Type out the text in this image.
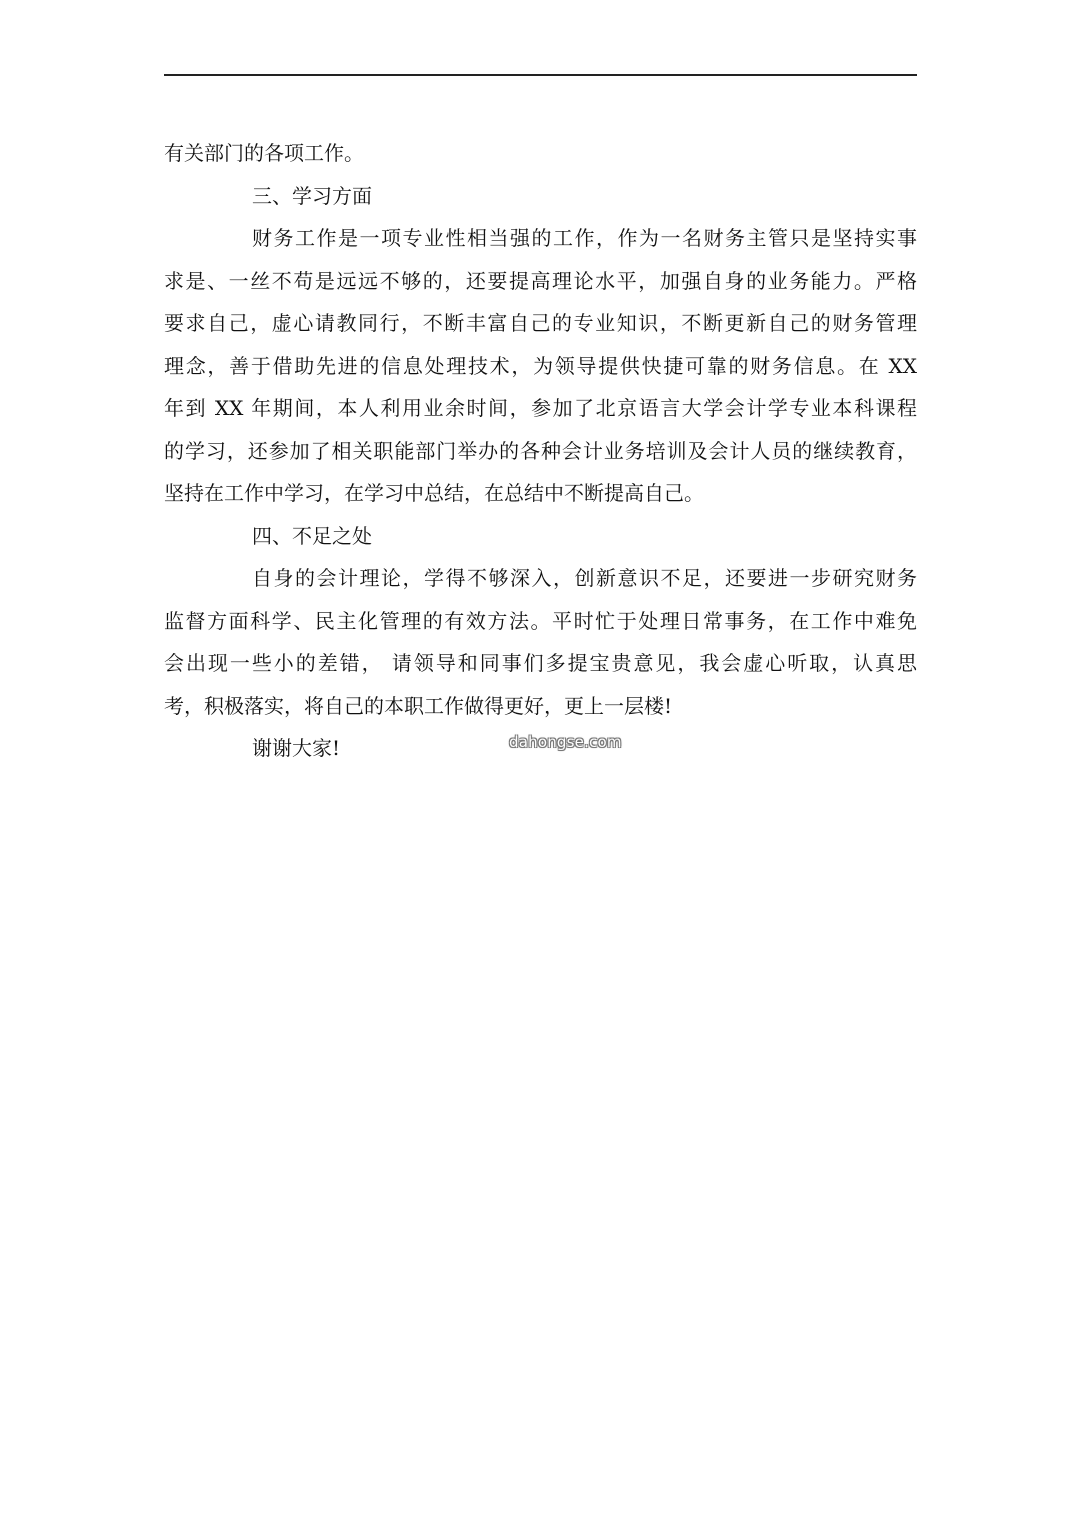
有关部门的各项工作。
三、学习方面
财务工作是一项专业性相当强的工作，作为一名财务主管只是坚持实事
求是、一丝不苟是远远不够的，还要提高理论水平，加强自身的业务能力。严格
要求自己，虚心请教同行，不断丰富自己的专业知识，不断更新自己的财务管理
理念，善于借助先进的信息处理技术，为领导提供快捷可靠的财务信息。在 XX
年到 XX 年期间，本人利用业余时间，参加了北京语言大学会计学专业本科课程
的学习，还参加了相关职能部门举办的各种会计业务培训及会计人员的继续教育，
坚持在工作中学习，在学习中总结，在总结中不断提高自己。
四、不足之处
自身的会计理论，学得不够深入，创新意识不足，还要进一步研究财务
监督方面科学、民主化管理的有效方法。平时忙于处理日常事务，在工作中难免
会出现一些小的差错， 请领导和同事们多提宝贵意见，我会虚心听取，认真思
考，积极落实，将自己的本职工作做得更好，更上一层楼!
谢谢大家!	dahongse.com
